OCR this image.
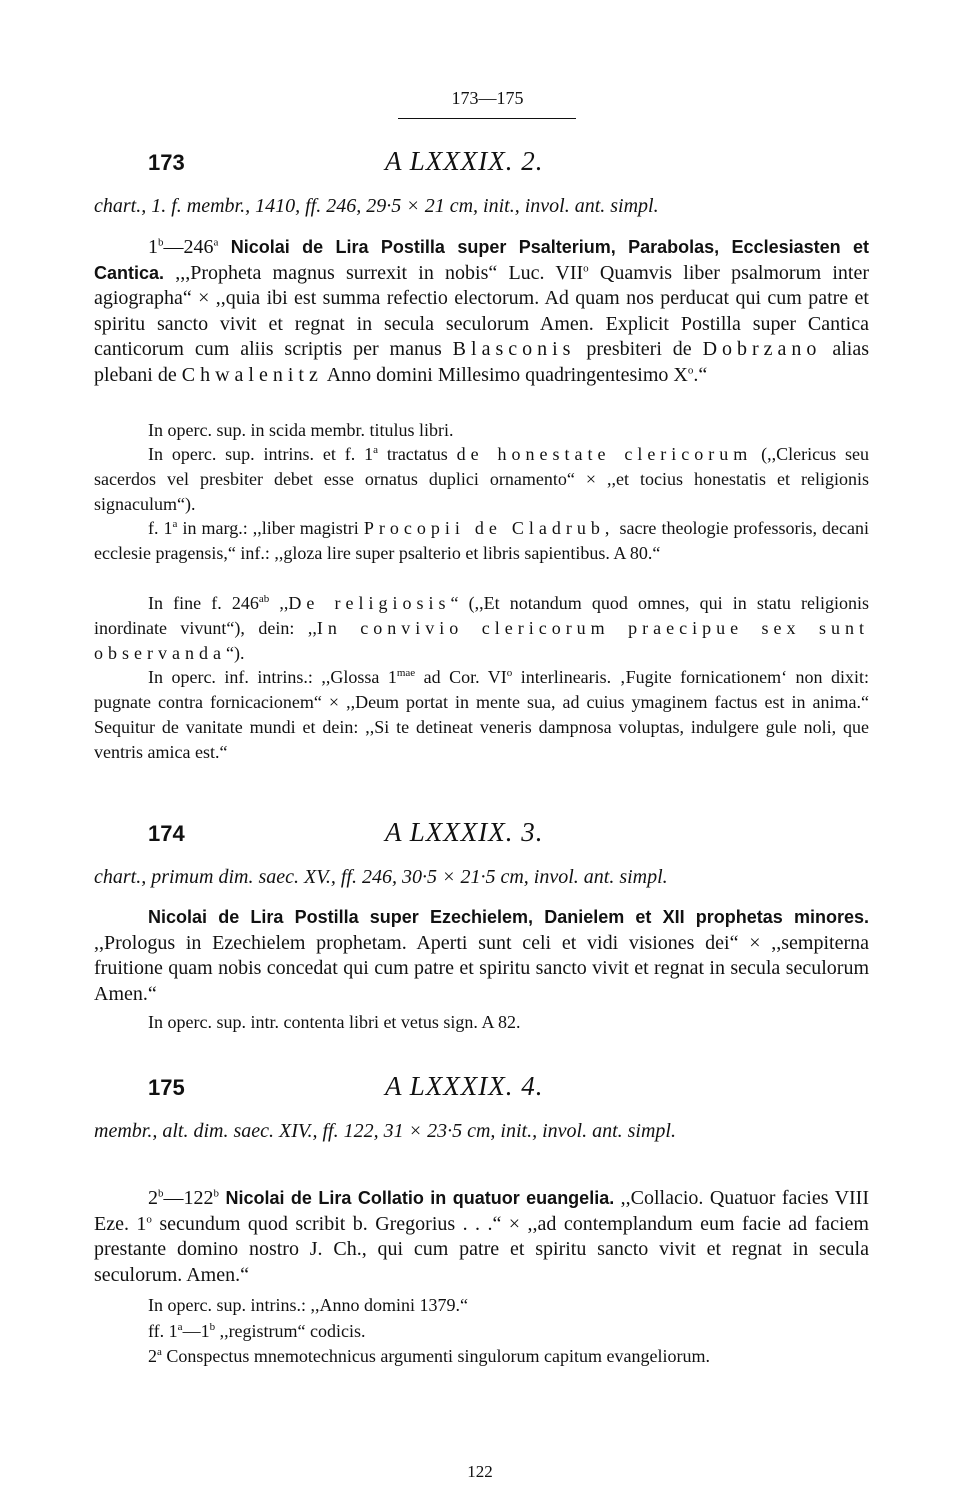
173—175
173	A LXXXIX. 2.
chart., 1. f. membr., 1410, ff. 246, 29·5 × 21 cm, init., invol. ant. simpl.
1$^b$—246$^a$ Nicolai de Lira Postilla super Psalterium, Parabolas, Ecclesiasten et Cantica. ,,,Propheta magnus surrexit in nobis“ Luc. VII$^o$ Quamvis liber psalmorum inter agiographa“ × ,,quia ibi est summa refectio electorum. Ad quam nos perducat qui cum patre et spiritu sancto vivit et regnat in secula seculorum Amen. Explicit Postilla super Cantica canticorum cum aliis scriptis per manus Blasconis presbiteri de Dobrzano alias plebani de Chwalenitz Anno domini Millesimo quadringentesimo $X^o.“$
In operc. sup. in scida membr. titulus libri.
In operc. sup. intrins. et f. 1$^a$ tractatus de honestate clericorum (,,Clericus seu sacerdos vel presbiter debet esse ornatus duplici ornamento“ × ,,et tocius honestatis et religionis signaculum“).
f. 1$^a$ in marg.: ,,liber magistri Procopii de Cladrub, sacre theologie professoris, decani ecclesie pragensis,“ inf.: ,,gloza lire super psalterio et libris sapientibus. A 80.“
In fine f. $246^{ab}$ ,,De religiosis“ (,,Et notandum quod omnes, qui in statu religionis inordinate vivunt“), dein: ,,In convivio clericorum praecipue sex sunt observanda“).
In operc. inf. intrins.: ,,Glossa $1^{mae}$ ad Cor. $VI^o$ interlinearis. ‚Fugite fornicationem‘ non dixit: pugnate contra fornicacionem“ × ,,Deum portat in mente sua, ad cuius ymaginem factus est in anima.“ Sequitur de vanitate mundi et dein: ,,Si te detineat veneris dampnosa voluptas, indulgere gule noli, que ventris amica est.“
174	A LXXXIX. 3.
chart., primum dim. saec. XV., ff. 246, 30·5 × 21·5 cm, invol. ant. simpl.
Nicolai de Lira Postilla super Ezechielem, Danielem et XII prophetas minores. ,,Prologus in Ezechielem prophetam. Aperti sunt celi et vidi visiones dei“ × ,,sempiterna fruitione quam nobis concedat qui cum patre et spiritu sancto vivit et regnat in secula seculorum Amen.“
In operc. sup. intr. contenta libri et vetus sign. A 82.
175	A LXXXIX. 4.
membr., alt. dim. saec. XIV., ff. 122, 31 × 23·5 cm, init., invol. ant. simpl.
2$^b$—122$^b$ Nicolai de Lira Collatio in quatuor euangelia. ,,Collacio. Quatuor facies VIII Eze. 1$^o$ secundum quod scribit b. Gregorius . . .“ × ,,ad contemplandum eum facie ad faciem prestante domino nostro J. Ch., qui cum patre et spiritu sancto vivit et regnat in secula seculorum. Amen.“
In operc. sup. intrins.: ,,Anno domini 1379.“
ff. 1$^a$—1$^b$ ,,registrum“ codicis.
2$^a$ Conspectus mnemotechnicus argumenti singulorum capitum evangeliorum.
122
